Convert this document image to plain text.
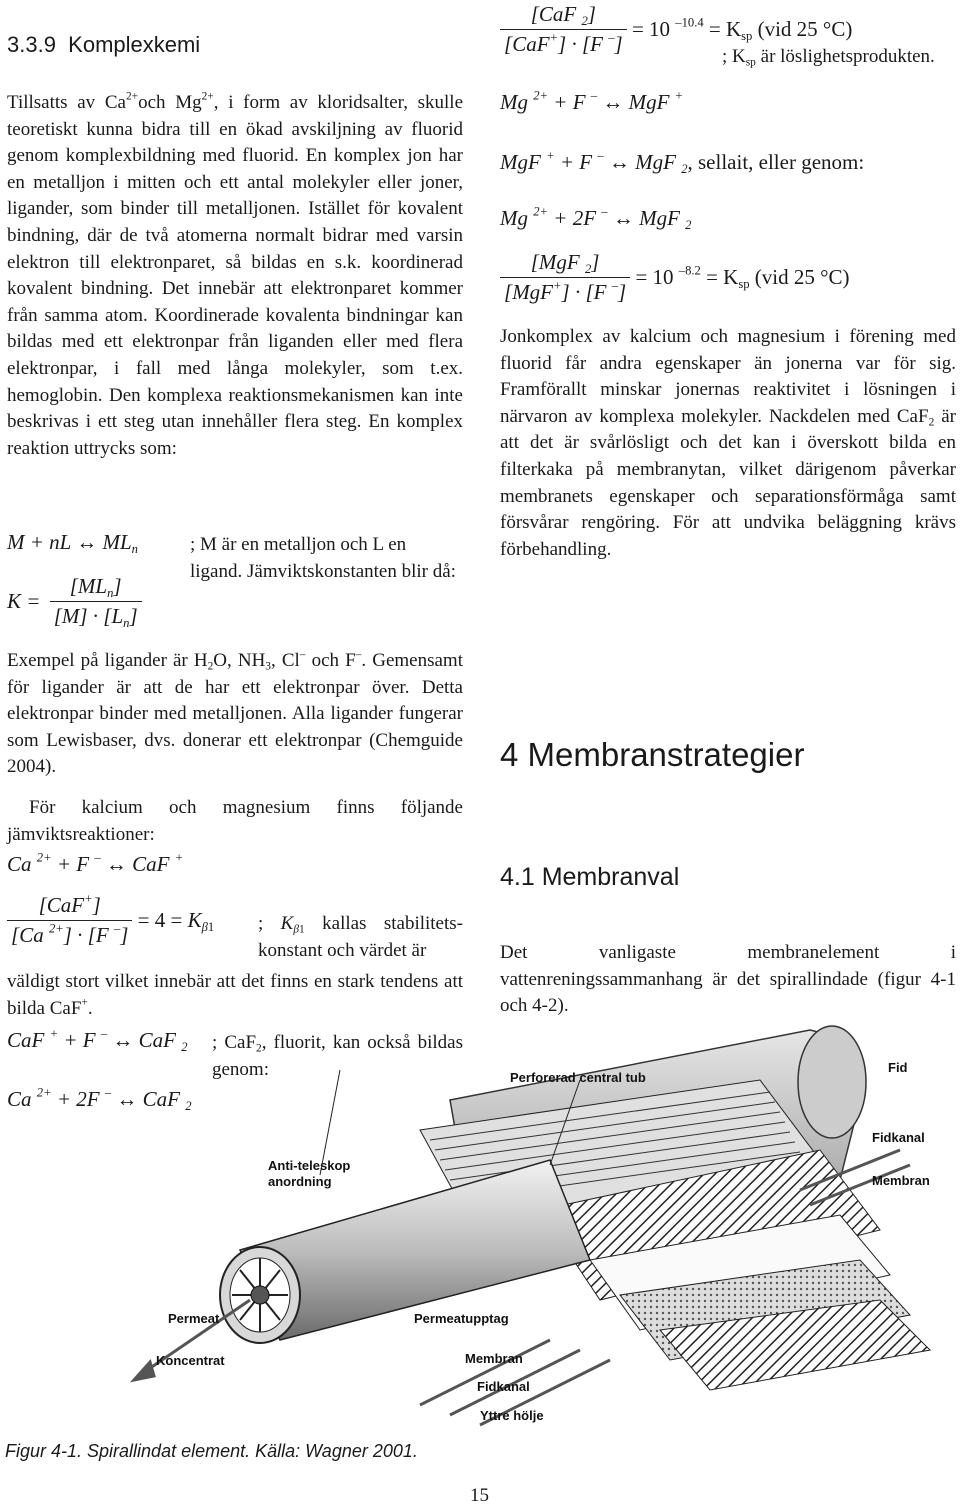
3.3.9  Komplexkemi

Tillsatts av $Ca^{2+}och$ $Mg^{2+}$, i form av kloridsalter, skulle teoretiskt kunna bidra till en ökad avskiljning av fluorid genom komplexbildning med fluorid. En komplex jon har en metalljon i mitten och ett antal molekyler eller joner, ligander, som binder till metalljonen. Istället för kovalent bindning, där de två atomerna normalt bidrar med varsin elektron till elektronparet, så bildas en s.k. koordinerad kovalent bindning. Det innebär att elektronparet kommer från samma atom. Koordinerade kovalenta bindningar kan bildas med ett elektronpar från liganden eller med flera elektronpar, i fall med långa molekyler, som t.ex. hemoglobin. Den komplexa reaktionsmekanismen kan inte beskrivas i ett steg utan innehåller flera steg. En komplex reaktion uttrycks som:

M + nL ↔ $ML_n$	; M är en metalljon och L en ligand. Jämviktskonstanten blir då:

$K = \frac{[ML_n]}{[M] \cdot [L_n]}$

Exempel på ligander är $H_2O$, $NH_3$, Cl– och F–. Gemensamt för ligander är att de har ett elektronpar över. Detta elektronpar binder med metalljonen. Alla ligander fungerar som Lewisbaser, dvs. donerar ett elektronpar (Chemguide 2004).

För kalcium och magnesium finns följande jämviktsreaktioner:

Ca $^{2+}$ + F – ↔ CaF +
$\frac{[CaF^+]}{[Ca ^{2+}] \cdot [F ^-]} = 4 = K_{\beta 1}$ ; $K_{\beta 1}$ kallas stabilitets-konstant och värdet är

väldigt stort vilket innebär att det finns en stark tendens att bilda CaF+.

CaF + + F – ↔ CaF $_2$ ; CaF$_2$, fluorit, kan också bildas genom:

Ca $^{2+}$ + 2F – ↔ CaF $_2$
$\frac{[CaF _2]}{[CaF^+] \cdot [F ^-]} = 10$ $^{-10.4} = K_{sp}$ (vid 25 °C)
; $K_{sp}$ är löslighetsprodukten.
Mg $^{2+}$ + F – ↔ MgF +
MgF + + F – ↔ MgF $_2$, sellait, eller genom:
Mg $^{2+}$ + 2F – ↔ MgF $_2$
$\frac{[MgF _2]}{[MgF^+] \cdot [F ^-]} = 10$ $^{-8.2} = K_{sp}$ (vid 25 °C)

Jonkomplex av kalcium och magnesium i förening med fluorid får andra egenskaper än jonerna var för sig. Framförallt minskar jonernas reaktivitet i lösningen i närvaron av komplexa molekyler. Nackdelen med CaF$_2$ är att det är svårlösligt och det kan i överskott bilda en filterkaka på membranytan, vilket därigenom påverkar membranets egenskaper och separationsförmåga samt försvårar rengöring. För att undvika beläggning krävs förbehandling.

4 Membranstrategier
4.1 Membranval

Det vanligaste membranelement i vattenreningssammanhang är det spirallindade (figur 4-1 och 4-2).

Perforerad central tub
Fid
Fidkanal
Membran
Anti-teleskop
anordning
Permeat
Koncentrat
Permeatupptag
Membran
Fidkanal
Yttre hölje
Figur 4-1. Spirallindat element. Källa: Wagner 2001.
15
